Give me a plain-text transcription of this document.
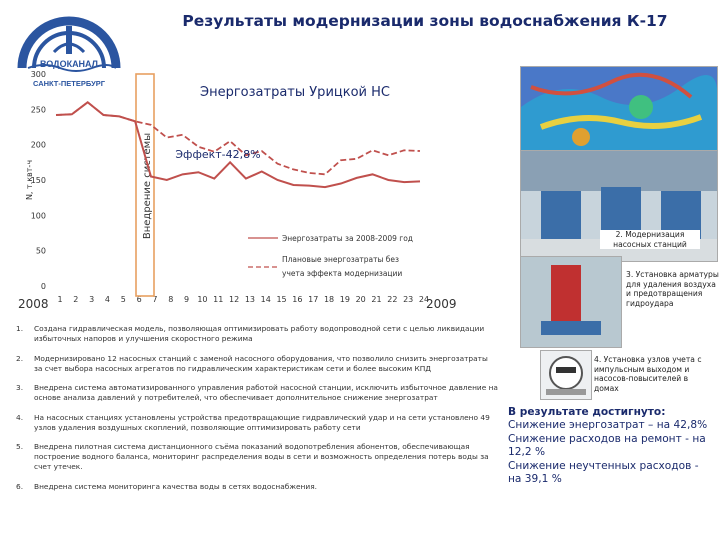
ВОДОКАНАЛ
САНКТ-ПЕТЕРБУРГ
Результаты модернизации зоны водоснабжения К-17
0
50
100
150
200
250
300
1 2 3 4 5 6 7 8 9 10 11 12 13 14 15 16 17 18 19 20 21 22 23 24
N, т.квт-ч	Внедрение системы
Энергозатраты Урицкой НС
Эффект-42,8%
Энергозатраты за 2008-2009 год
Плановые энергозатраты без
учета эффекта модернизации
2008	2009
1. Создана гидравлическая модель, позволяющая оптимизировать работу водопроводной сети с целью ликвидации избыточных напоров и улучшения скоростного режима
2. Модернизировано 12 насосных станций с заменой насосного оборудования, что позволило снизить энергозатраты за счет выбора насосных агрегатов по гидравлическим характеристикам сети и более высоким КПД
3. Внедрена система автоматизированного управления работой насосной станции, исключить избыточное давление на основе анализа давлений у потребителей, что обеспечивает дополнительное снижение энергозатрат
4. На насосных станциях установлены устройства предотвращающие гидравлический удар и на сети установлено 49 узлов удаления воздушных скоплений, позволяющие оптимизировать работу сети
5. Внедрена пилотная система дистанционного съёма показаний водопотребления абонентов, обеспечивающая построение водного баланса, мониторинг распределения воды в сети и возможность определения потерь воды за счет утечек.
6. Внедрена система мониторинга качества воды в сетях водоснабжения.
2. Модернизация насосных станций
3. Установка арматуры для удаления воздуха и предотвращения гидроудара
4. Установка узлов учета с импульсным выходом и насосов-повысителей в домах
В результате достигнуто:
Снижение энергозатрат – на 42,8%
Снижение расходов на ремонт - на 12,2 %
Снижение неучтенных расходов - на 39,1 %
